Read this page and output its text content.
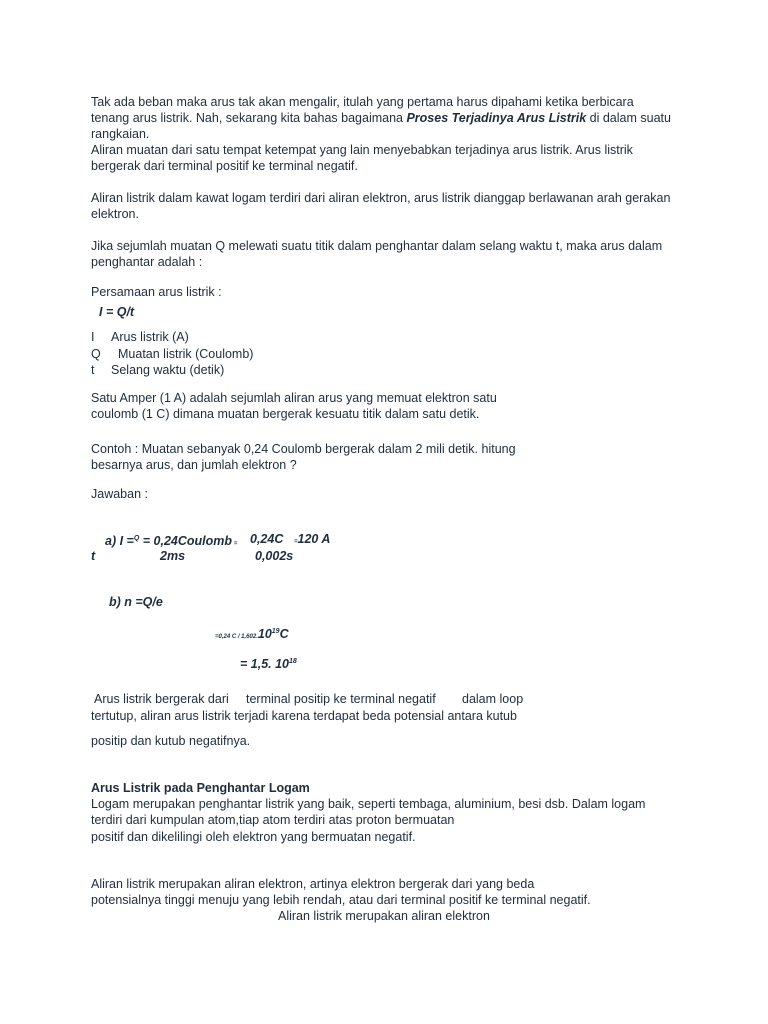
Tak ada beban maka arus tak akan mengalir, itulah yang pertama harus dipahami ketika berbicara
tenang arus listrik. Nah, sekarang kita bahas bagaimana Proses Terjadinya Arus Listrik di dalam suatu
rangkaian.
Aliran muatan dari satu tempat ketempat yang lain menyebabkan terjadinya arus listrik. Arus listrik
bergerak dari terminal positif ke terminal negatif.
Aliran listrik dalam kawat logam terdiri dari aliran elektron, arus listrik dianggap berlawanan arah gerakan
elektron.
Jika sejumlah muatan Q melewati suatu titik dalam penghantar dalam selang waktu t, maka arus dalam
penghantar adalah :
Persamaan arus listrik :
I = Q/t
I Arus listrik (A)
Q Muatan listrik (Coulomb)
t Selang waktu (detik)
Satu Amper (1 A) adalah sejumlah aliran arus yang memuat elektron satu
coulomb (1 C) dimana muatan bergerak kesuatu titik dalam satu detik.
Contoh : Muatan sebanyak 0,24 Coulomb bergerak dalam 2 mili detik. hitung
besarnya arus, dan jumlah elektron ?
Jawaban :
a) I =$^Q$ = 0,24Coulomb = 0,24C =120 A
t	2ms	0,002s
b) n =Q/e
=0,24 C / $1,602.10^{19}C$
= 1,5. $10^{18}$
Arus listrik bergerak dari terminal positip ke terminal negatif dalam loop
tertutup, aliran arus listrik terjadi karena terdapat beda potensial antara kutub
positip dan kutub negatifnya.
Arus Listrik pada Penghantar Logam
Logam merupakan penghantar listrik yang baik, seperti tembaga, aluminium, besi dsb. Dalam logam
terdiri dari kumpulan atom,tiap atom terdiri atas proton bermuatan
positif dan dikelilingi oleh elektron yang bermuatan negatif.
Aliran listrik merupakan aliran elektron, artinya elektron bergerak dari yang beda
potensialnya tinggi menuju yang lebih rendah, atau dari terminal positif ke terminal negatif.
Aliran listrik merupakan aliran elektron
